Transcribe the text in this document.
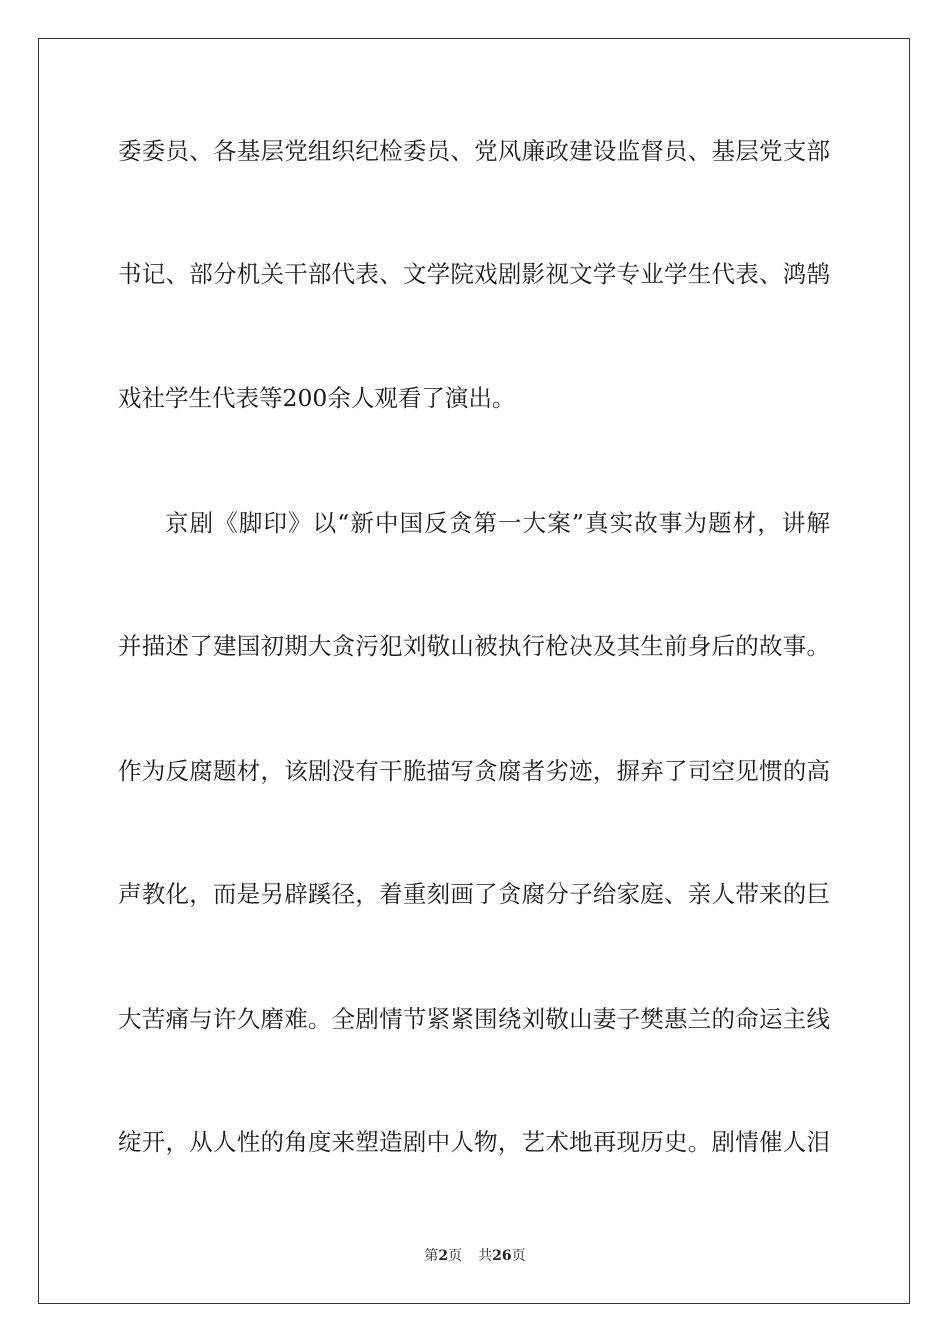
委委员、各基层党组织纪检委员、党风廉政建设监督员、基层党支部
书记、部分机关干部代表、文学院戏剧影视文学专业学生代表、鸿鹄
戏社学生代表等200余人观看了演出。
京剧《脚印》以“新中国反贪第一大案”真实故事为题材，讲解
并描述了建国初期大贪污犯刘敬山被执行枪决及其生前身后的故事。
作为反腐题材，该剧没有干脆描写贪腐者劣迹，摒弃了司空见惯的高
声教化，而是另辟蹊径，着重刻画了贪腐分子给家庭、亲人带来的巨
大苦痛与许久磨难。全剧情节紧紧围绕刘敬山妻子樊惠兰的命运主线
绽开，从人性的角度来塑造剧中人物，艺术地再现历史。剧情催人泪
第2页 共26页
